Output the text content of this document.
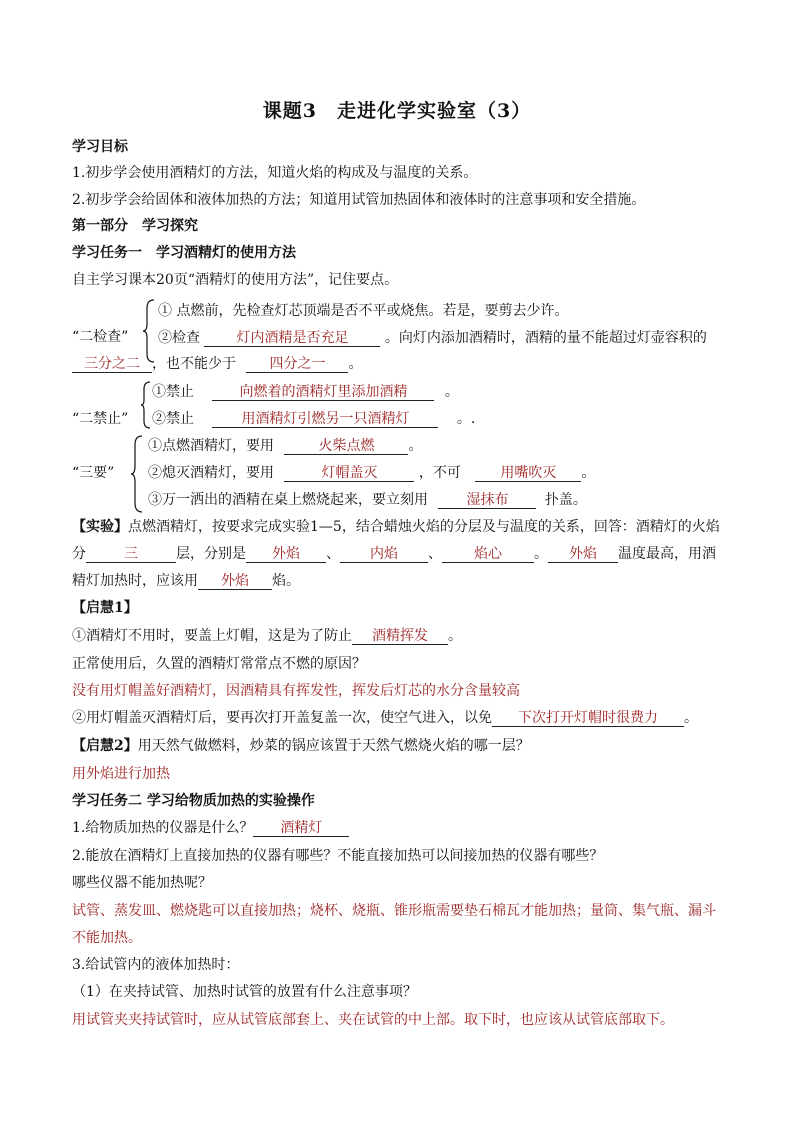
课题3　走进化学实验室（3）
学习目标
1.初步学会使用酒精灯的方法，知道火焰的构成及与温度的关系。
2.初步学会给固体和液体加热的方法；知道用试管加热固体和液体时的注意事项和安全措施。
第一部分　学习探究
学习任务一　学习酒精灯的使用方法
自主学习课本20页“酒精灯的使用方法”，记住要点。
“二检查”
① 点燃前，先检查灯芯顶端是否不平或烧焦。若是，要剪去少许。
②检查	灯内酒精是否充足	。向灯内添加酒精时，酒精的量不能超过灯壶容积的
三分之二 ，也不能少于 四分之一 。
“二禁止”
①禁止	向燃着的酒精灯里添加酒精	。
②禁止	用酒精灯引燃另一只酒精灯	。.
“三要”
①点燃酒精灯，要用	火柴点燃 。
②熄灭酒精灯，要用	灯帽盖灭	，不可	用嘴吹灭 。
③万一洒出的酒精在桌上燃烧起来，要立刻用	湿抹布	扑盖。
【实验】点燃酒精灯，按要求完成实验1—5，结合蜡烛火焰的分层及与温度的关系，回答：酒精灯的火焰
分	三	层，分别是 外焰 、 内焰 、 焰心 。 外焰 温度最高，用酒
精灯加热时，应该用 外焰 焰。
【启慧1】
①酒精灯不用时，要盖上灯帽，这是为了防止 酒精挥发 。
正常使用后，久置的酒精灯常常点不燃的原因？
没有用灯帽盖好酒精灯，因酒精具有挥发性，挥发后灯芯的水分含量较高
②用灯帽盖灭酒精灯后，要再次打开盖复盖一次，使空气进入，以免 下次打开灯帽时很费力 。
【启慧2】用天然气做燃料，炒菜的锅应该置于天然气燃烧火焰的哪一层？
用外焰进行加热
学习任务二 学习给物质加热的实验操作
1.给物质加热的仪器是什么？ 酒精灯
2.能放在酒精灯上直接加热的仪器有哪些？不能直接加热可以间接加热的仪器有哪些？
哪些仪器不能加热呢？
试管、蒸发皿、燃烧匙可以直接加热；烧杯、烧瓶、锥形瓶需要垫石棉瓦才能加热；量筒、集气瓶、漏斗
不能加热。
3.给试管内的液体加热时：
（1）在夹持试管、加热时试管的放置有什么注意事项？
用试管夹夹持试管时，应从试管底部套上、夹在试管的中上部。取下时，也应该从试管底部取下。
